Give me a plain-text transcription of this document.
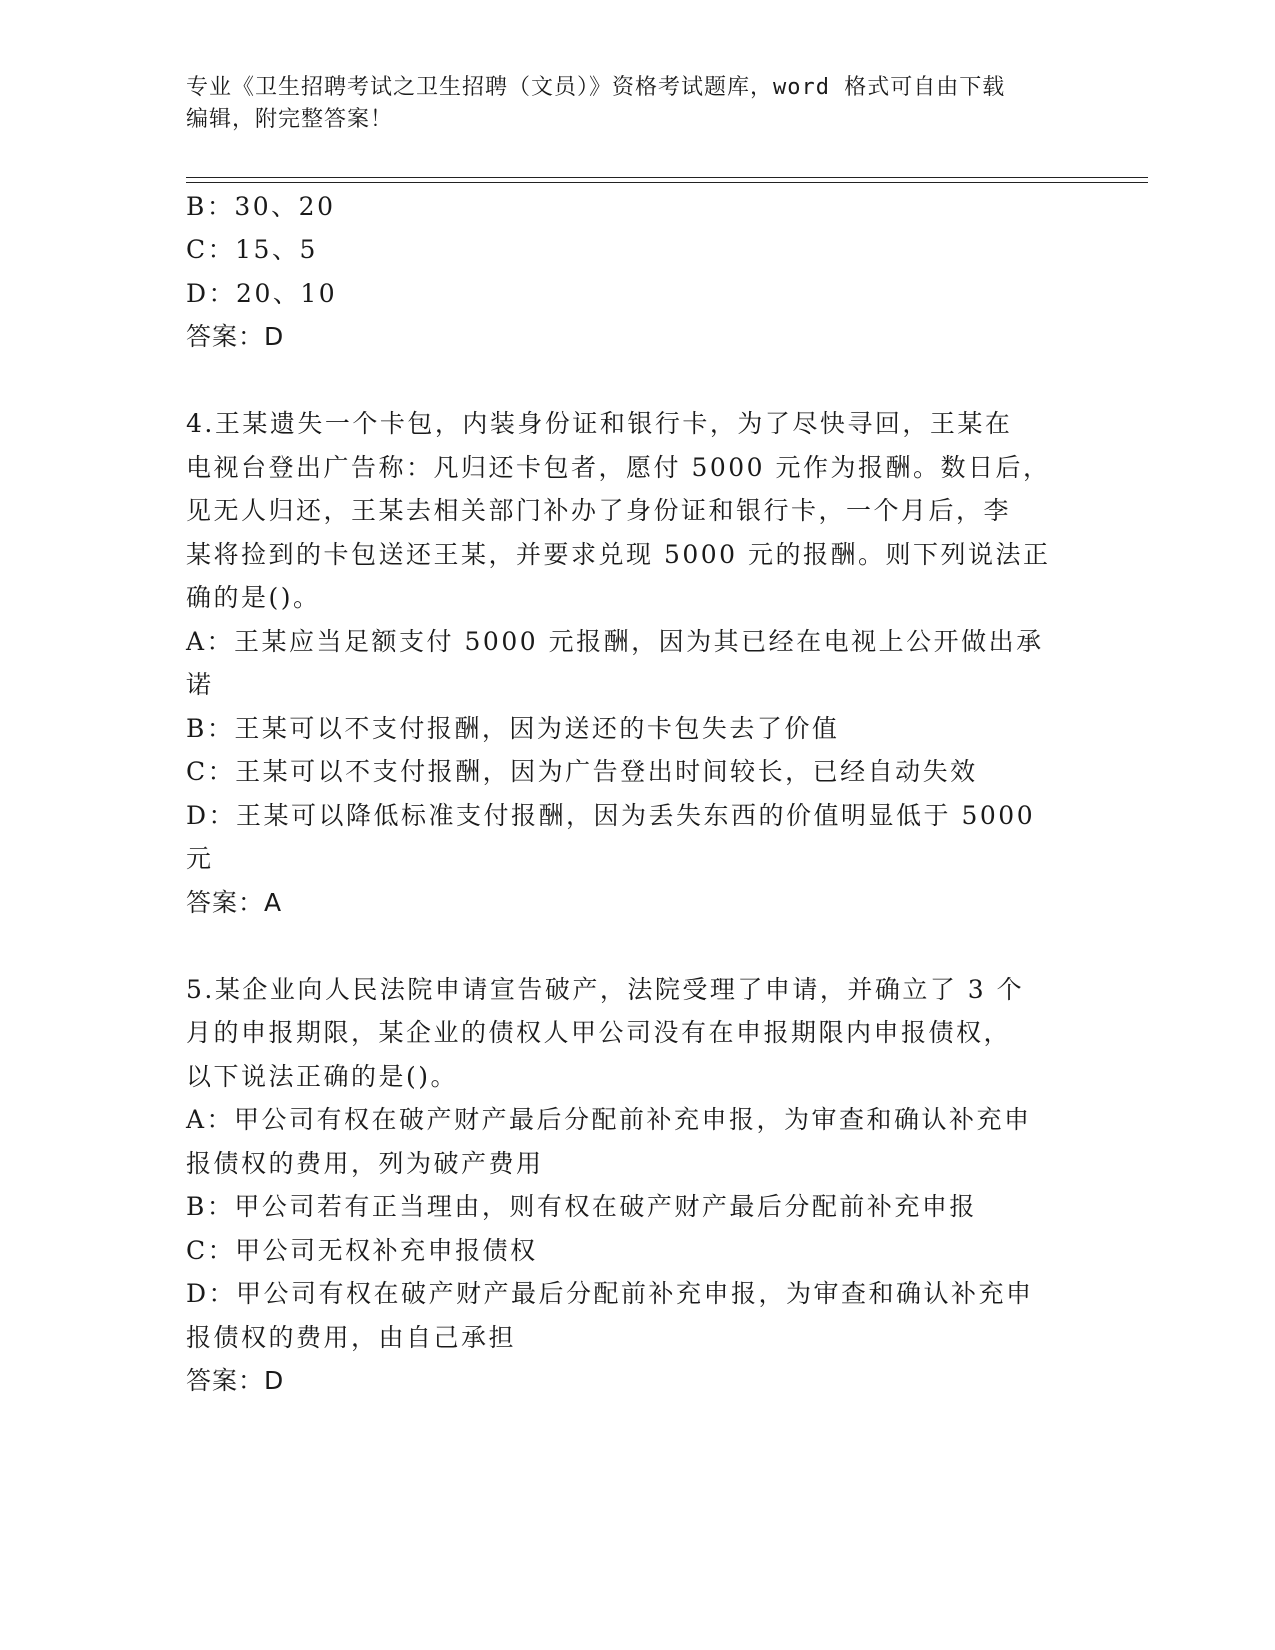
专业《卫生招聘考试之卫生招聘（文员）》资格考试题库，word 格式可自由下载
编辑，附完整答案！
B：30、20
C：15、5
D：20、10
答案：D
4.王某遗失一个卡包，内装身份证和银行卡，为了尽快寻回，王某在
电视台登出广告称：凡归还卡包者，愿付 5000 元作为报酬。数日后，
见无人归还，王某去相关部门补办了身份证和银行卡，一个月后，李
某将捡到的卡包送还王某，并要求兑现 5000 元的报酬。则下列说法正
确的是()。
A：王某应当足额支付 5000 元报酬，因为其已经在电视上公开做出承
诺
B：王某可以不支付报酬，因为送还的卡包失去了价值
C：王某可以不支付报酬，因为广告登出时间较长，已经自动失效
D：王某可以降低标准支付报酬，因为丢失东西的价值明显低于 5000
元
答案：A
5.某企业向人民法院申请宣告破产，法院受理了申请，并确立了 3 个
月的申报期限，某企业的债权人甲公司没有在申报期限内申报债权，
以下说法正确的是()。
A：甲公司有权在破产财产最后分配前补充申报，为审查和确认补充申
报债权的费用，列为破产费用
B：甲公司若有正当理由，则有权在破产财产最后分配前补充申报
C：甲公司无权补充申报债权
D：甲公司有权在破产财产最后分配前补充申报，为审查和确认补充申
报债权的费用，由自己承担
答案：D
